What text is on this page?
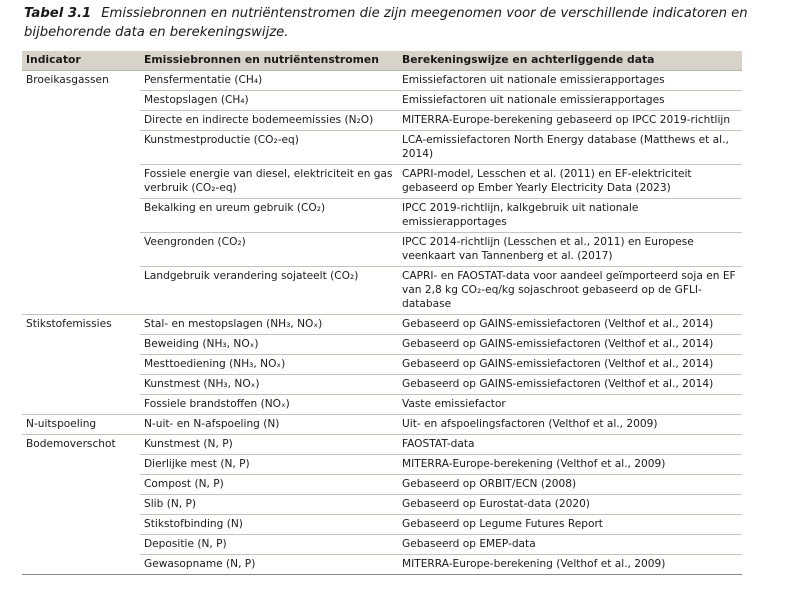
Tabel 3.1 Emissiebronnen en nutriëntenstromen die zijn meegenomen voor de verschillende indicatoren en bijbehorende data en berekeningswijze.
Indicator	Emissiebronnen en nutriëntenstromen	Berekeningswijze en achterliggende data
Broeikasgassen	Pensfermentatie (CH₄)	Emissiefactoren uit nationale emissierapportages
	Mestopslagen (CH₄)	Emissiefactoren uit nationale emissierapportages
	Directe en indirecte bodemeemissies (N₂O)	MITERRA-Europe-berekening gebaseerd op IPCC 2019-richtlijn
	Kunstmestproductie (CO₂-eq)	LCA-emissiefactoren North Energy database (Matthews et al., 2014)
	Fossiele energie van diesel, elektriciteit en gas verbruik (CO₂-eq)	CAPRI-model, Lesschen et al. (2011) en EF-elektriciteit gebaseerd op Ember Yearly Electricity Data (2023)
	Bekalking en ureum gebruik (CO₂)	IPCC 2019-richtlijn, kalkgebruik uit nationale emissierapportages
	Veengronden (CO₂)	IPCC 2014-richtlijn (Lesschen et al., 2011) en Europese veenkaart van Tannenberg et al. (2017)
	Landgebruik verandering sojateelt (CO₂)	CAPRI- en FAOSTAT-data voor aandeel geïmporteerd soja en EF van 2,8 kg CO₂-eq/kg sojaschroot gebaseerd op de GFLI-database
Stikstofemissies	Stal- en mestopslagen (NH₃, NOₓ)	Gebaseerd op GAINS-emissiefactoren (Velthof et al., 2014)
	Beweiding (NH₃, NOₓ)	Gebaseerd op GAINS-emissiefactoren (Velthof et al., 2014)
	Mesttoediening (NH₃, NOₓ)	Gebaseerd op GAINS-emissiefactoren (Velthof et al., 2014)
	Kunstmest (NH₃, NOₓ)	Gebaseerd op GAINS-emissiefactoren (Velthof et al., 2014)
	Fossiele brandstoffen (NOₓ)	Vaste emissiefactor
N-uitspoeling	N-uit- en N-afspoeling (N)	Uit- en afspoelingsfactoren (Velthof et al., 2009)
Bodemoverschot	Kunstmest (N, P)	FAOSTAT-data
	Dierlijke mest (N, P)	MITERRA-Europe-berekening (Velthof et al., 2009)
	Compost (N, P)	Gebaseerd op ORBIT/ECN (2008)
	Slib (N, P)	Gebaseerd op Eurostat-data (2020)
	Stikstofbinding (N)	Gebaseerd op Legume Futures Report
	Depositie (N, P)	Gebaseerd op EMEP-data
	Gewasopname (N, P)	MITERRA-Europe-berekening (Velthof et al., 2009)
